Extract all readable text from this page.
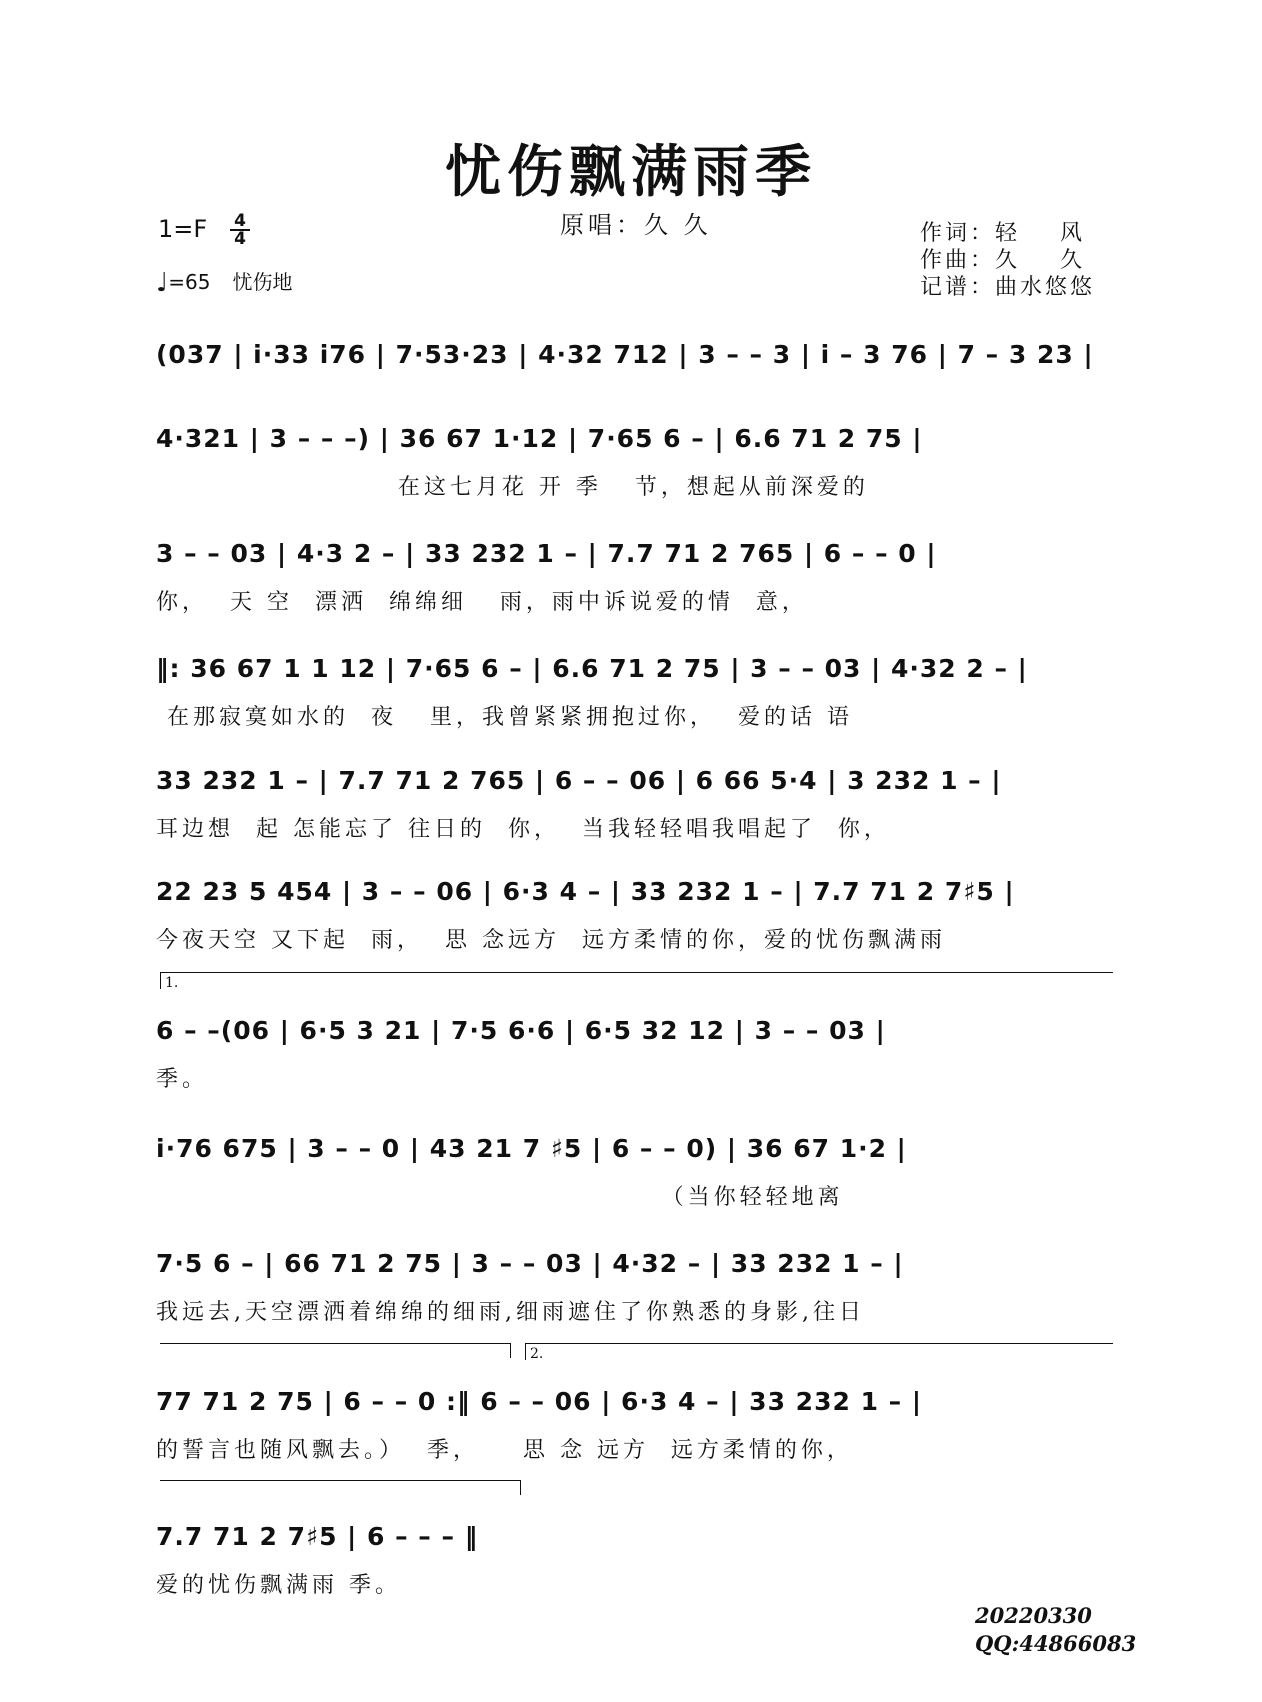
忧伤飘满雨季
原唱：久 久
1=F 4
4
♩=65 忧伤地
作词：轻    风
作曲：久    久
记谱：曲水悠悠

(037 | i·33 i76 | 7·53·23 | 4·32 712 | 3 – – 3 | i – 3 76 | 7 – 3 23 |

4·321 | 3 – – –) | 36 67 1·12 | 7·65 6 – | 6.6 71 2 75 |

在这七月花 开 季   节，想起从前深爱的

3 – – 03 | 4·3 2 – | 33 232 1 – | 7.7 71 2 765 | 6 – – 0 |

你，  天 空  漂洒  绵绵细   雨，雨中诉说爱的情  意，

‖: 36 67 1 1 12 | 7·65 6 – | 6.6 71 2 75 | 3 – – 03 | 4·32 2 – |

在那寂寞如水的  夜   里，我曾紧紧拥抱过你，  爱的话 语

33 232 1 – | 7.7 71 2 765 | 6 – – 06 | 6 66 5·4 | 3 232 1 – |

耳边想  起 怎能忘了 往日的  你，  当我轻轻唱我唱起了  你，

22 23 5 454 | 3 – – 06 | 6·3 4 – | 33 232 1 – | 7.7 71 2 7♯5 |

今夜天空 又下起  雨，  思 念远方  远方柔情的你，爱的忧伤飘满雨
1.

6 – –(06 | 6·5 3 21 | 7·5 6·6 | 6·5 32 12 | 3 – – 03 |

季。

i·76 675 | 3 – – 0 | 43 21 7 ♯5 | 6 – – 0) | 36 67 1·2 |

（当你轻轻地离

7·5 6 – | 66 71 2 75 | 3 – – 03 | 4·32 – | 33 232 1 – |

我远去,天空漂洒着绵绵的细雨,细雨遮住了你熟悉的身影,往日
2.

77 71 2 75 | 6 – – 0 :‖ 6 – – 06 | 6·3 4 – | 33 232 1 – |

的誓言也随风飘去。）  季，    思 念 远方  远方柔情的你，

7.7 71 2 7♯5 | 6 – – – ‖

爱的忧伤飘满雨 季。
20220330
QQ:44866083
